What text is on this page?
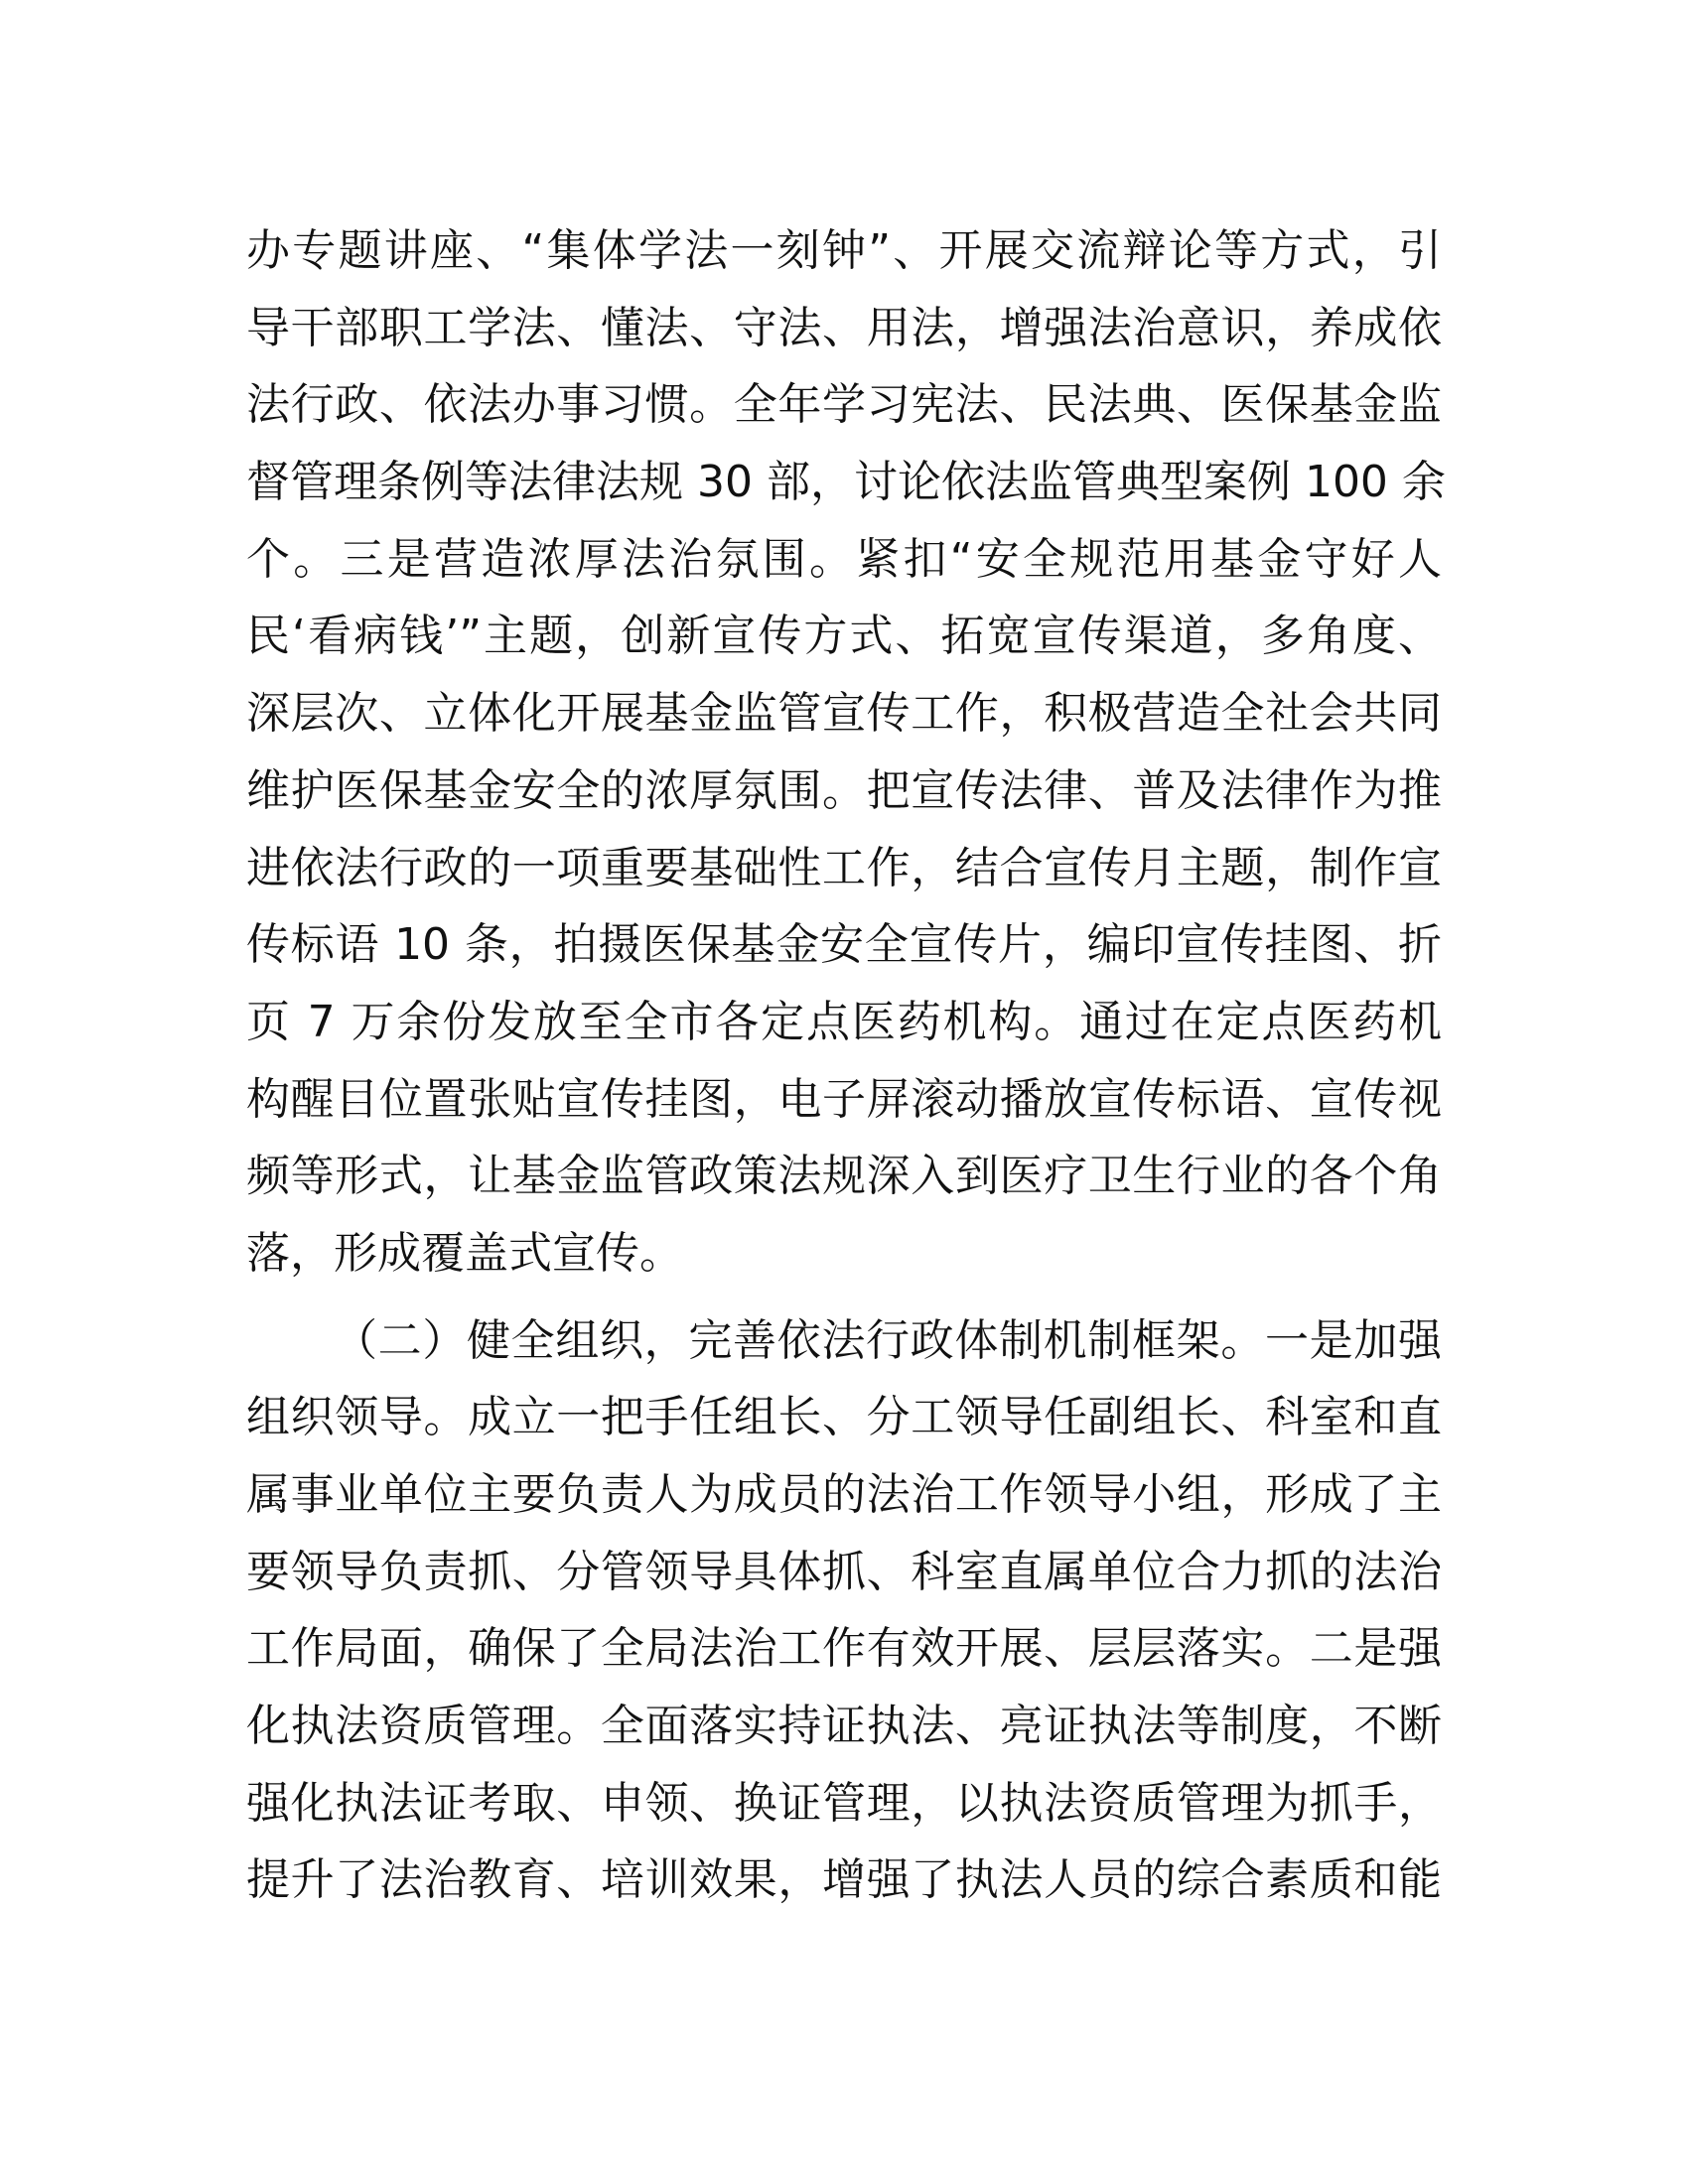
办专题讲座、“集体学法一刻钟”、开展交流辩论等方式，引
导干部职工学法、懂法、守法、用法，增强法治意识，养成依
法行政、依法办事习惯。全年学习宪法、民法典、医保基金监
督管理条例等法律法规 30 部，讨论依法监管典型案例 100 余
个。三是营造浓厚法治氛围。紧扣“安全规范用基金守好人
民‘看病钱’”主题，创新宣传方式、拓宽宣传渠道，多角度、
深层次、立体化开展基金监管宣传工作，积极营造全社会共同
维护医保基金安全的浓厚氛围。把宣传法律、普及法律作为推
进依法行政的一项重要基础性工作，结合宣传月主题，制作宣
传标语 10 条，拍摄医保基金安全宣传片，编印宣传挂图、折
页 7 万余份发放至全市各定点医药机构。通过在定点医药机
构醒目位置张贴宣传挂图，电子屏滚动播放宣传标语、宣传视
频等形式，让基金监管政策法规深入到医疗卫生行业的各个角
落，形成覆盖式宣传。
（二）健全组织，完善依法行政体制机制框架。一是加强
组织领导。成立一把手任组长、分工领导任副组长、科室和直
属事业单位主要负责人为成员的法治工作领导小组，形成了主
要领导负责抓、分管领导具体抓、科室直属单位合力抓的法治
工作局面，确保了全局法治工作有效开展、层层落实。二是强
化执法资质管理。全面落实持证执法、亮证执法等制度，不断
强化执法证考取、申领、换证管理，以执法资质管理为抓手，
提升了法治教育、培训效果，增强了执法人员的综合素质和能
